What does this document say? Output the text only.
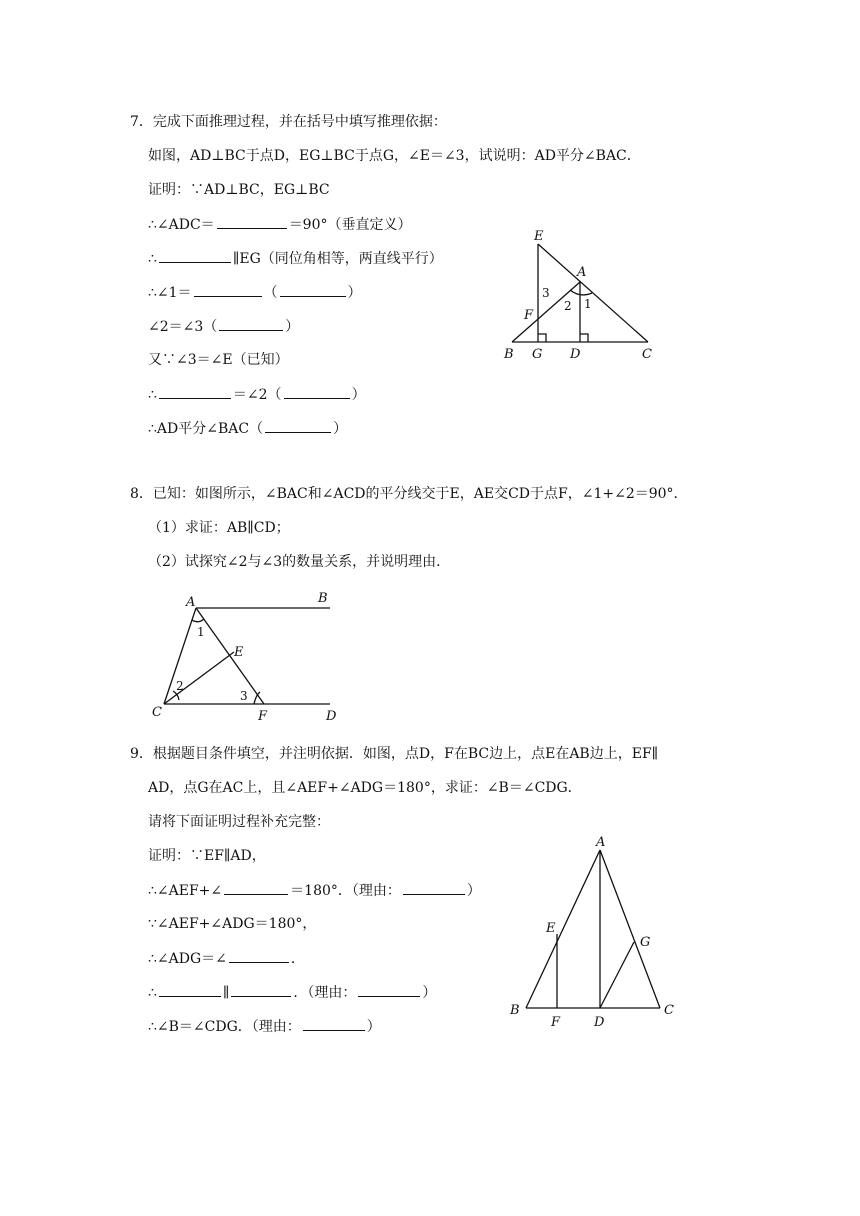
7．完成下面推理过程，并在括号中填写推理依据：
如图，AD⊥BC于点D，EG⊥BC于点G，∠E＝∠3，试说明：AD平分∠BAC．
证明：∵AD⊥BC，EG⊥BC
∴∠ADC＝	＝90°（垂直定义）
∴	∥EG（同位角相等，两直线平行）
∴∠1＝	（	）
∠2＝∠3（	）
又∵∠3＝∠E（已知）
∴	＝∠2（	）
∴AD平分∠BAC（	）
E
A
3
2 1
F
B G D	C
8．已知：如图所示，∠BAC和∠ACD的平分线交于E，AE交CD于点F，∠1+∠2＝90°．
（1）求证：AB∥CD；
（2）试探究∠2与∠3的数量关系，并说明理由．
A	B
1
E
2
3
C	F	D
9．根据题目条件填空，并注明依据．如图，点D，F在BC边上，点E在AB边上，EF∥
AD，点G在AC上，且∠AEF+∠ADG＝180°，求证：∠B＝∠CDG．
请将下面证明过程补充完整：
证明：∵EF∥AD，
∴∠AEF+∠	＝180°．（理由：	）
∵∠AEF+∠ADG＝180°，
∴∠ADG＝∠	．
∴	∥	．（理由：	）
∴∠B＝∠CDG．（理由：	）
A
E
G
B
F	D
C
